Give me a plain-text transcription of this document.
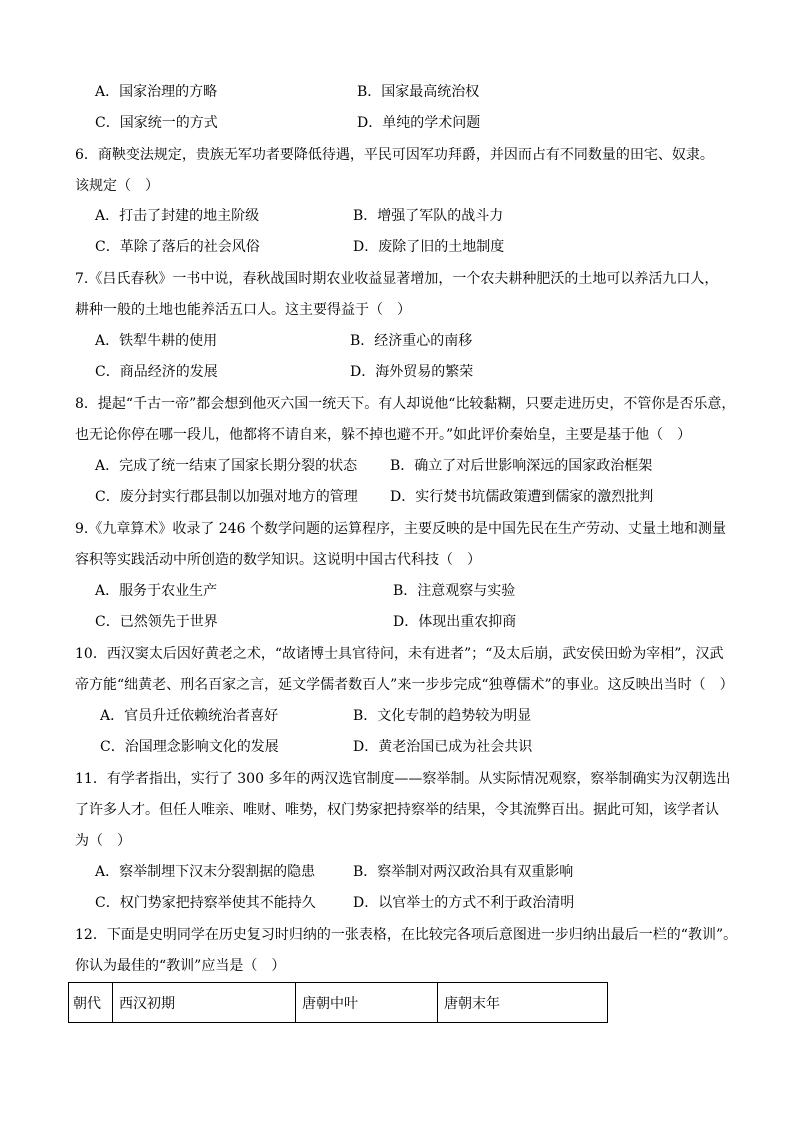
A．国家治理的方略	B．国家最高统治权
C．国家统一的方式	D．单纯的学术问题
6．商鞅变法规定，贵族无军功者要降低待遇，平民可因军功拜爵，并因而占有不同数量的田宅、奴隶。
该规定（　）
A．打击了封建的地主阶级	B．增强了军队的战斗力
C．革除了落后的社会风俗	D．废除了旧的土地制度
7.《吕氏春秋》一书中说，春秋战国时期农业收益显著增加，一个农夫耕种肥沃的土地可以养活九口人，
耕种一般的土地也能养活五口人。这主要得益于（　）
A．铁犁牛耕的使用	B．经济重心的南移
C．商品经济的发展	D．海外贸易的繁荣
8．提起“千古一帝”都会想到他灭六国一统天下。有人却说他“比较黏糊，只要走进历史，不管你是否乐意，
也无论你停在哪一段儿，他都将不请自来，躲不掉也避不开。”如此评价秦始皇，主要是基于他（　）
A．完成了统一结束了国家长期分裂的状态 B．确立了对后世影响深远的国家政治框架
C．废分封实行郡县制以加强对地方的管理 D．实行焚书坑儒政策遭到儒家的激烈批判
9.《九章算术》收录了 246 个数学问题的运算程序，主要反映的是中国先民在生产劳动、丈量土地和测量
容积等实践活动中所创造的数学知识。这说明中国古代科技（　）
A．服务于农业生产	B．注意观察与实验
C．已然领先于世界	D．体现出重农抑商
10．西汉窦太后因好黄老之术，“故诸博士具官待问，未有进者”；“及太后崩，武安侯田蚡为宰相”，汉武
帝方能“绌黄老、刑名百家之言，延文学儒者数百人”来一步步完成“独尊儒术”的事业。这反映出当时（　）
A．官员升迁依赖统治者喜好	B．文化专制的趋势较为明显
C．治国理念影响文化的发展	D．黄老治国已成为社会共识
11．有学者指出，实行了 300 多年的两汉选官制度——察举制。从实际情况观察，察举制确实为汉朝选出
了许多人才。但任人唯亲、唯财、唯势，权门势家把持察举的结果，令其流弊百出。据此可知，该学者认
为（　）
A．察举制埋下汉末分裂割据的隐患	B．察举制对两汉政治具有双重影响
C．权门势家把持察举使其不能持久	D．以官举士的方式不利于政治清明
12．下面是史明同学在历史复习时归纳的一张表格，在比较完各项后意图进一步归纳出最后一栏的“教训”。
你认为最佳的“教训”应当是（　）
朝代	西汉初期	唐朝中叶	唐朝末年
